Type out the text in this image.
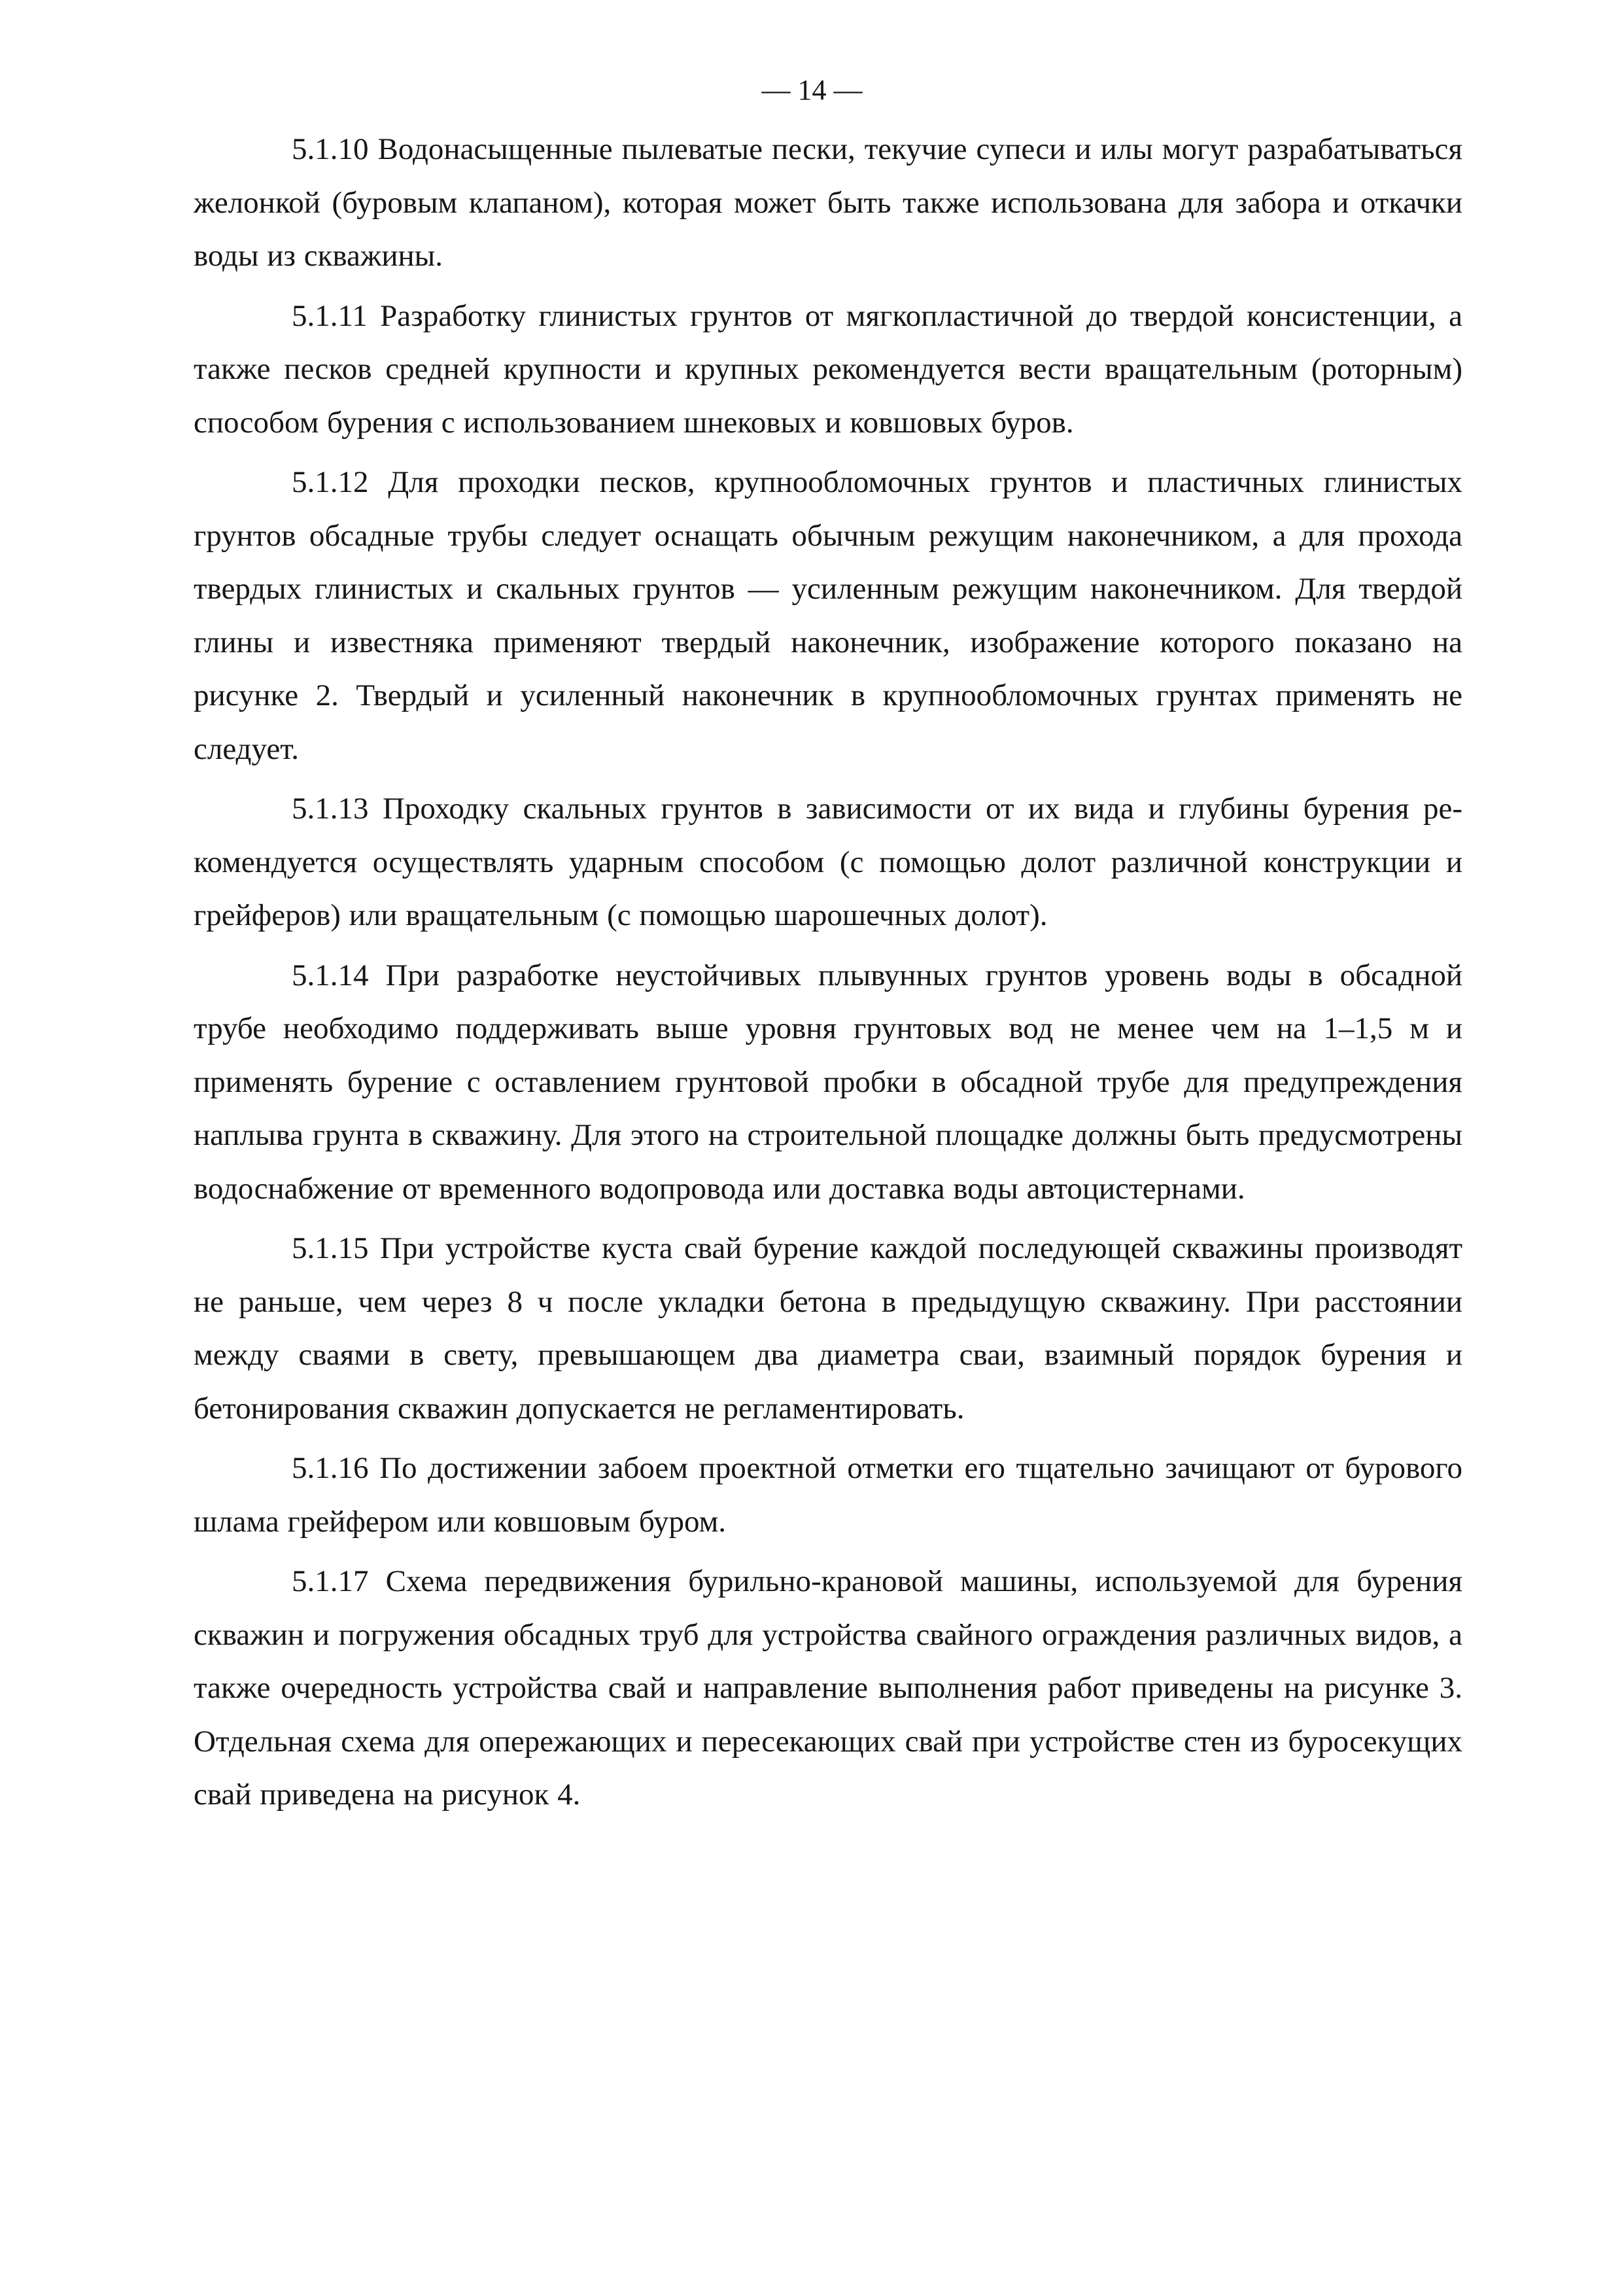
— 14 —

5.1.10 Водонасыщенные пылеватые пески, текучие супеси и илы могут разрабатываться желонкой (буровым клапаном), которая может быть также использована для забора и откачки воды из скважины.

5.1.11 Разработку глинистых грунтов от мягкопластичной до твердой консистенции, а также песков средней крупности и крупных рекомендуется вести вращательным (роторным) способом бурения с использованием шнековых и ковшовых буров.

5.1.12 Для проходки песков, крупнообломочных грунтов и пластичных глинистых грунтов обсадные трубы следует оснащать обычным режущим наконечником, а для прохода твердых глинистых и скальных грунтов — усиленным режущим наконечником. Для твердой глины и известняка применяют твердый наконечник, изображение которого показано на рисунке 2. Твердый и усиленный наконечник в крупнообломочных грунтах применять не следует.

5.1.13 Проходку скальных грунтов в зависимости от их вида и глубины бурения рекомендуется осуществлять ударным способом (с помощью долот различной конструкции и грейферов) или вращательным (с помощью шарошечных долот).

5.1.14 При разработке неустойчивых плывунных грунтов уровень воды в обсадной трубе необходимо поддерживать выше уровня грунтовых вод не менее чем на 1–1,5 м и применять бурение с оставлением грунтовой пробки в обсадной трубе для предупреждения наплыва грунта в скважину. Для этого на строительной площадке должны быть предусмотрены водоснабжение от временного водопровода или доставка воды автоцистернами.

5.1.15 При устройстве куста свай бурение каждой последующей скважины производят не раньше, чем через 8 ч после укладки бетона в предыдущую скважину. При расстоянии между сваями в свету, превышающем два диаметра сваи, взаимный порядок бурения и бетонирования скважин допускается не регламентировать.

5.1.16 По достижении забоем проектной отметки его тщательно зачищают от бурового шлама грейфером или ковшовым буром.

5.1.17 Схема передвижения бурильно-крановой машины, используемой для бурения скважин и погружения обсадных труб для устройства свайного ограждения различных видов, а также очередность устройства свай и направление выполнения работ приведены на рисунке 3. Отдельная схема для опережающих и пересекающих свай при устройстве стен из буросекущих свай приведена на рисунок 4.
